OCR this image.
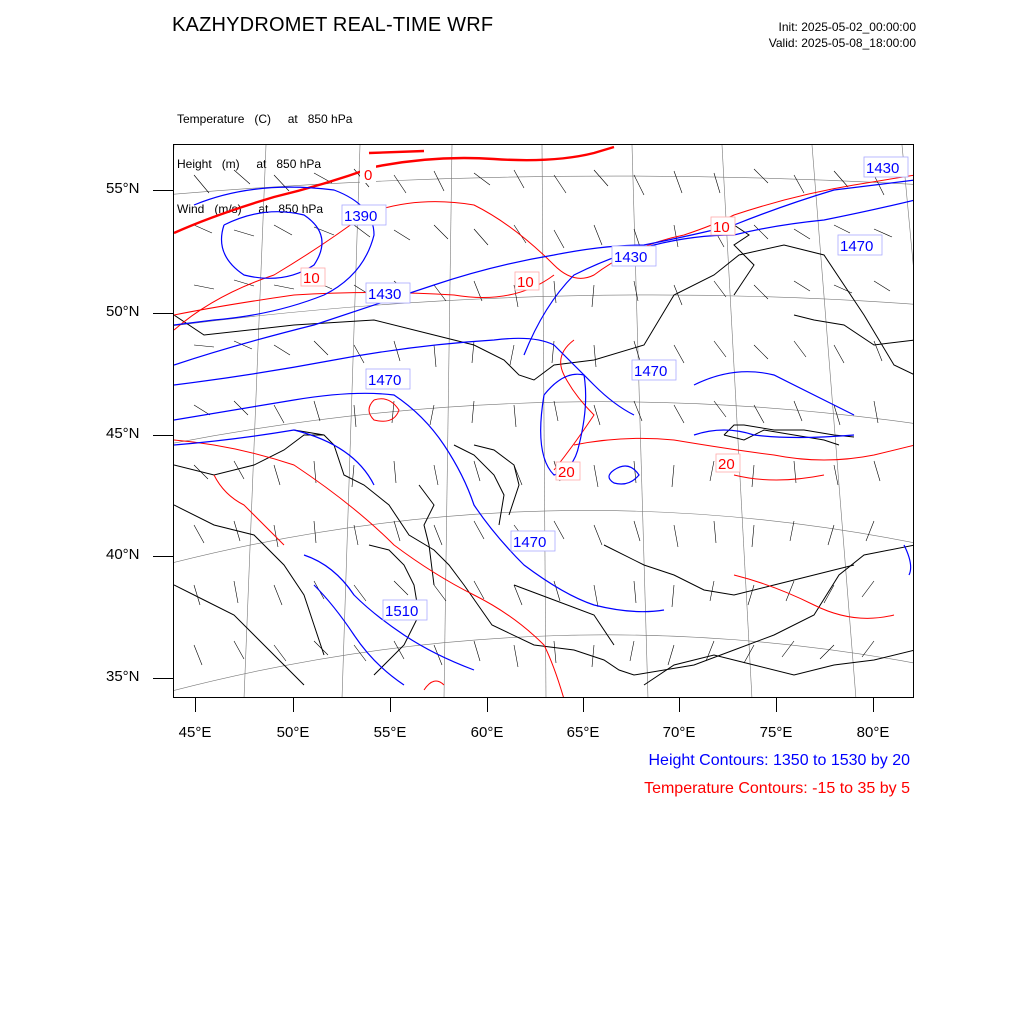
KAZHYDROMET REAL-TIME WRF	Init: 2025-05-02_00:00:00
Valid: 2025-05-08_18:00:00

Temperature   (C)     at   850 hPa

Height   (m)     at   850 hPa

Wind   (m/s)     at   850 hPa

55°N
50°N
45°N
40°N
35°N
45°E	50°E	55°E	60°E	65°E	70°E	75°E	80°E
1430
1390
1470
1430
1430
1470
1470
1470
1510
0
10
10	10
20	20
Height Contours: 1350 to 1530 by 20
Temperature Contours: -15 to 35 by 5
